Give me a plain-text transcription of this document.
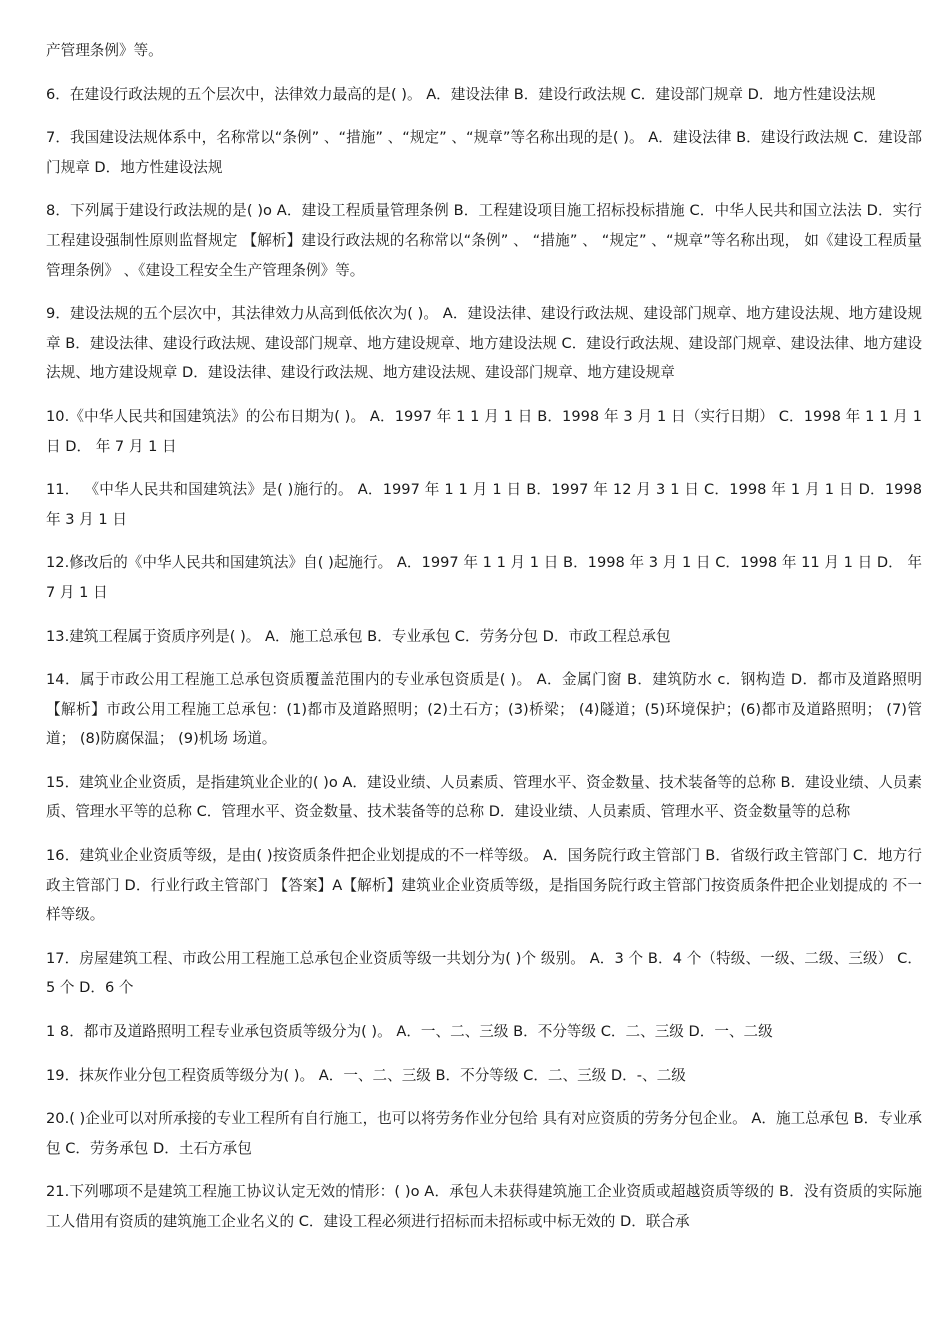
产管理条例》等。

6．在建设行政法规的五个层次中，法律效力最高的是( )。 A．建设法律 B．建设行政法规 C．建设部门规章 D．地方性建设法规

7．我国建设法规体系中，名称常以“条例” 、“措施” 、“规定” 、“规章”等名称出现的是( )。 A．建设法律 B．建设行政法规 C．建设部门规章 D．地方性建设法规

8．下列属于建设行政法规的是( )o A．建设工程质量管理条例 B．工程建设项目施工招标投标措施 C．中华人民共和国立法法 D．实行工程建设强制性原则监督规定 【解析】建设行政法规的名称常以“条例” 、 “措施” 、 “规定” 、“规章”等名称出现， 如《建设工程质量管理条例》 、《建设工程安全生产管理条例》等。

9．建设法规的五个层次中，其法律效力从高到低依次为( )。 A．建设法律、建设行政法规、建设部门规章、地方建设法规、地方建设规章 B．建设法律、建设行政法规、建设部门规章、地方建设规章、地方建设法规 C．建设行政法规、建设部门规章、建设法律、地方建设法规、地方建设规章 D．建设法律、建设行政法规、地方建设法规、建设部门规章、地方建设规章

10.《中华人民共和国建筑法》的公布日期为( )。 A．1997 年 1 1 月 1 日 B．1998 年 3 月 1 日（实行日期） C．1998 年 1 1 月 1 日 D． 年 7 月 1 日

11． 《中华人民共和国建筑法》是( )施行的。 A．1997 年 1 1 月 1 日 B．1997 年 12 月 3 1 日 C．1998 年 1 月 1 日 D．1998 年 3 月 1 日

12.修改后的《中华人民共和国建筑法》自( )起施行。 A．1997 年 1 1 月 1 日 B．1998 年 3 月 1 日 C．1998 年 11 月 1 日 D． 年 7 月 1 日

13.建筑工程属于资质序列是( )。 A．施工总承包 B．专业承包 C．劳务分包 D．市政工程总承包

14．属于市政公用工程施工总承包资质覆盖范围内的专业承包资质是( )。 A．金属门窗 B．建筑防水 c．钢构造 D．都市及道路照明 【解析】市政公用工程施工总承包：(1)都市及道路照明；(2)土石方；(3)桥梁； (4)隧道；(5)环境保护；(6)都市及道路照明； (7)管道； (8)防腐保温； (9)机场 场道。

15．建筑业企业资质，是指建筑业企业的( )o A．建设业绩、人员素质、管理水平、资金数量、技术装备等的总称 B．建设业绩、人员素质、管理水平等的总称 C．管理水平、资金数量、技术装备等的总称 D．建设业绩、人员素质、管理水平、资金数量等的总称

16．建筑业企业资质等级，是由( )按资质条件把企业划提成的不一样等级。 A．国务院行政主管部门 B．省级行政主管部门 C．地方行政主管部门 D．行业行政主管部门 【答案】A【解析】建筑业企业资质等级，是指国务院行政主管部门按资质条件把企业划提成的 不一样等级。

17．房屋建筑工程、市政公用工程施工总承包企业资质等级一共划分为( )个 级别。 A．3 个 B．4 个（特级、一级、二级、三级） C．5 个 D．6 个

1 8．都市及道路照明工程专业承包资质等级分为( )。 A．一、二、三级 B．不分等级 C．二、三级 D．一、二级

19．抹灰作业分包工程资质等级分为( )。 A．一、二、三级 B．不分等级 C．二、三级 D．-、二级

20.( )企业可以对所承接的专业工程所有自行施工，也可以将劳务作业分包给 具有对应资质的劳务分包企业。 A．施工总承包 B．专业承包 C．劳务承包 D．土石方承包

21.下列哪项不是建筑工程施工协议认定无效的情形：( )o A．承包人未获得建筑施工企业资质或超越资质等级的 B．没有资质的实际施工人借用有资质的建筑施工企业名义的 C．建设工程必须进行招标而未招标或中标无效的 D．联合承
